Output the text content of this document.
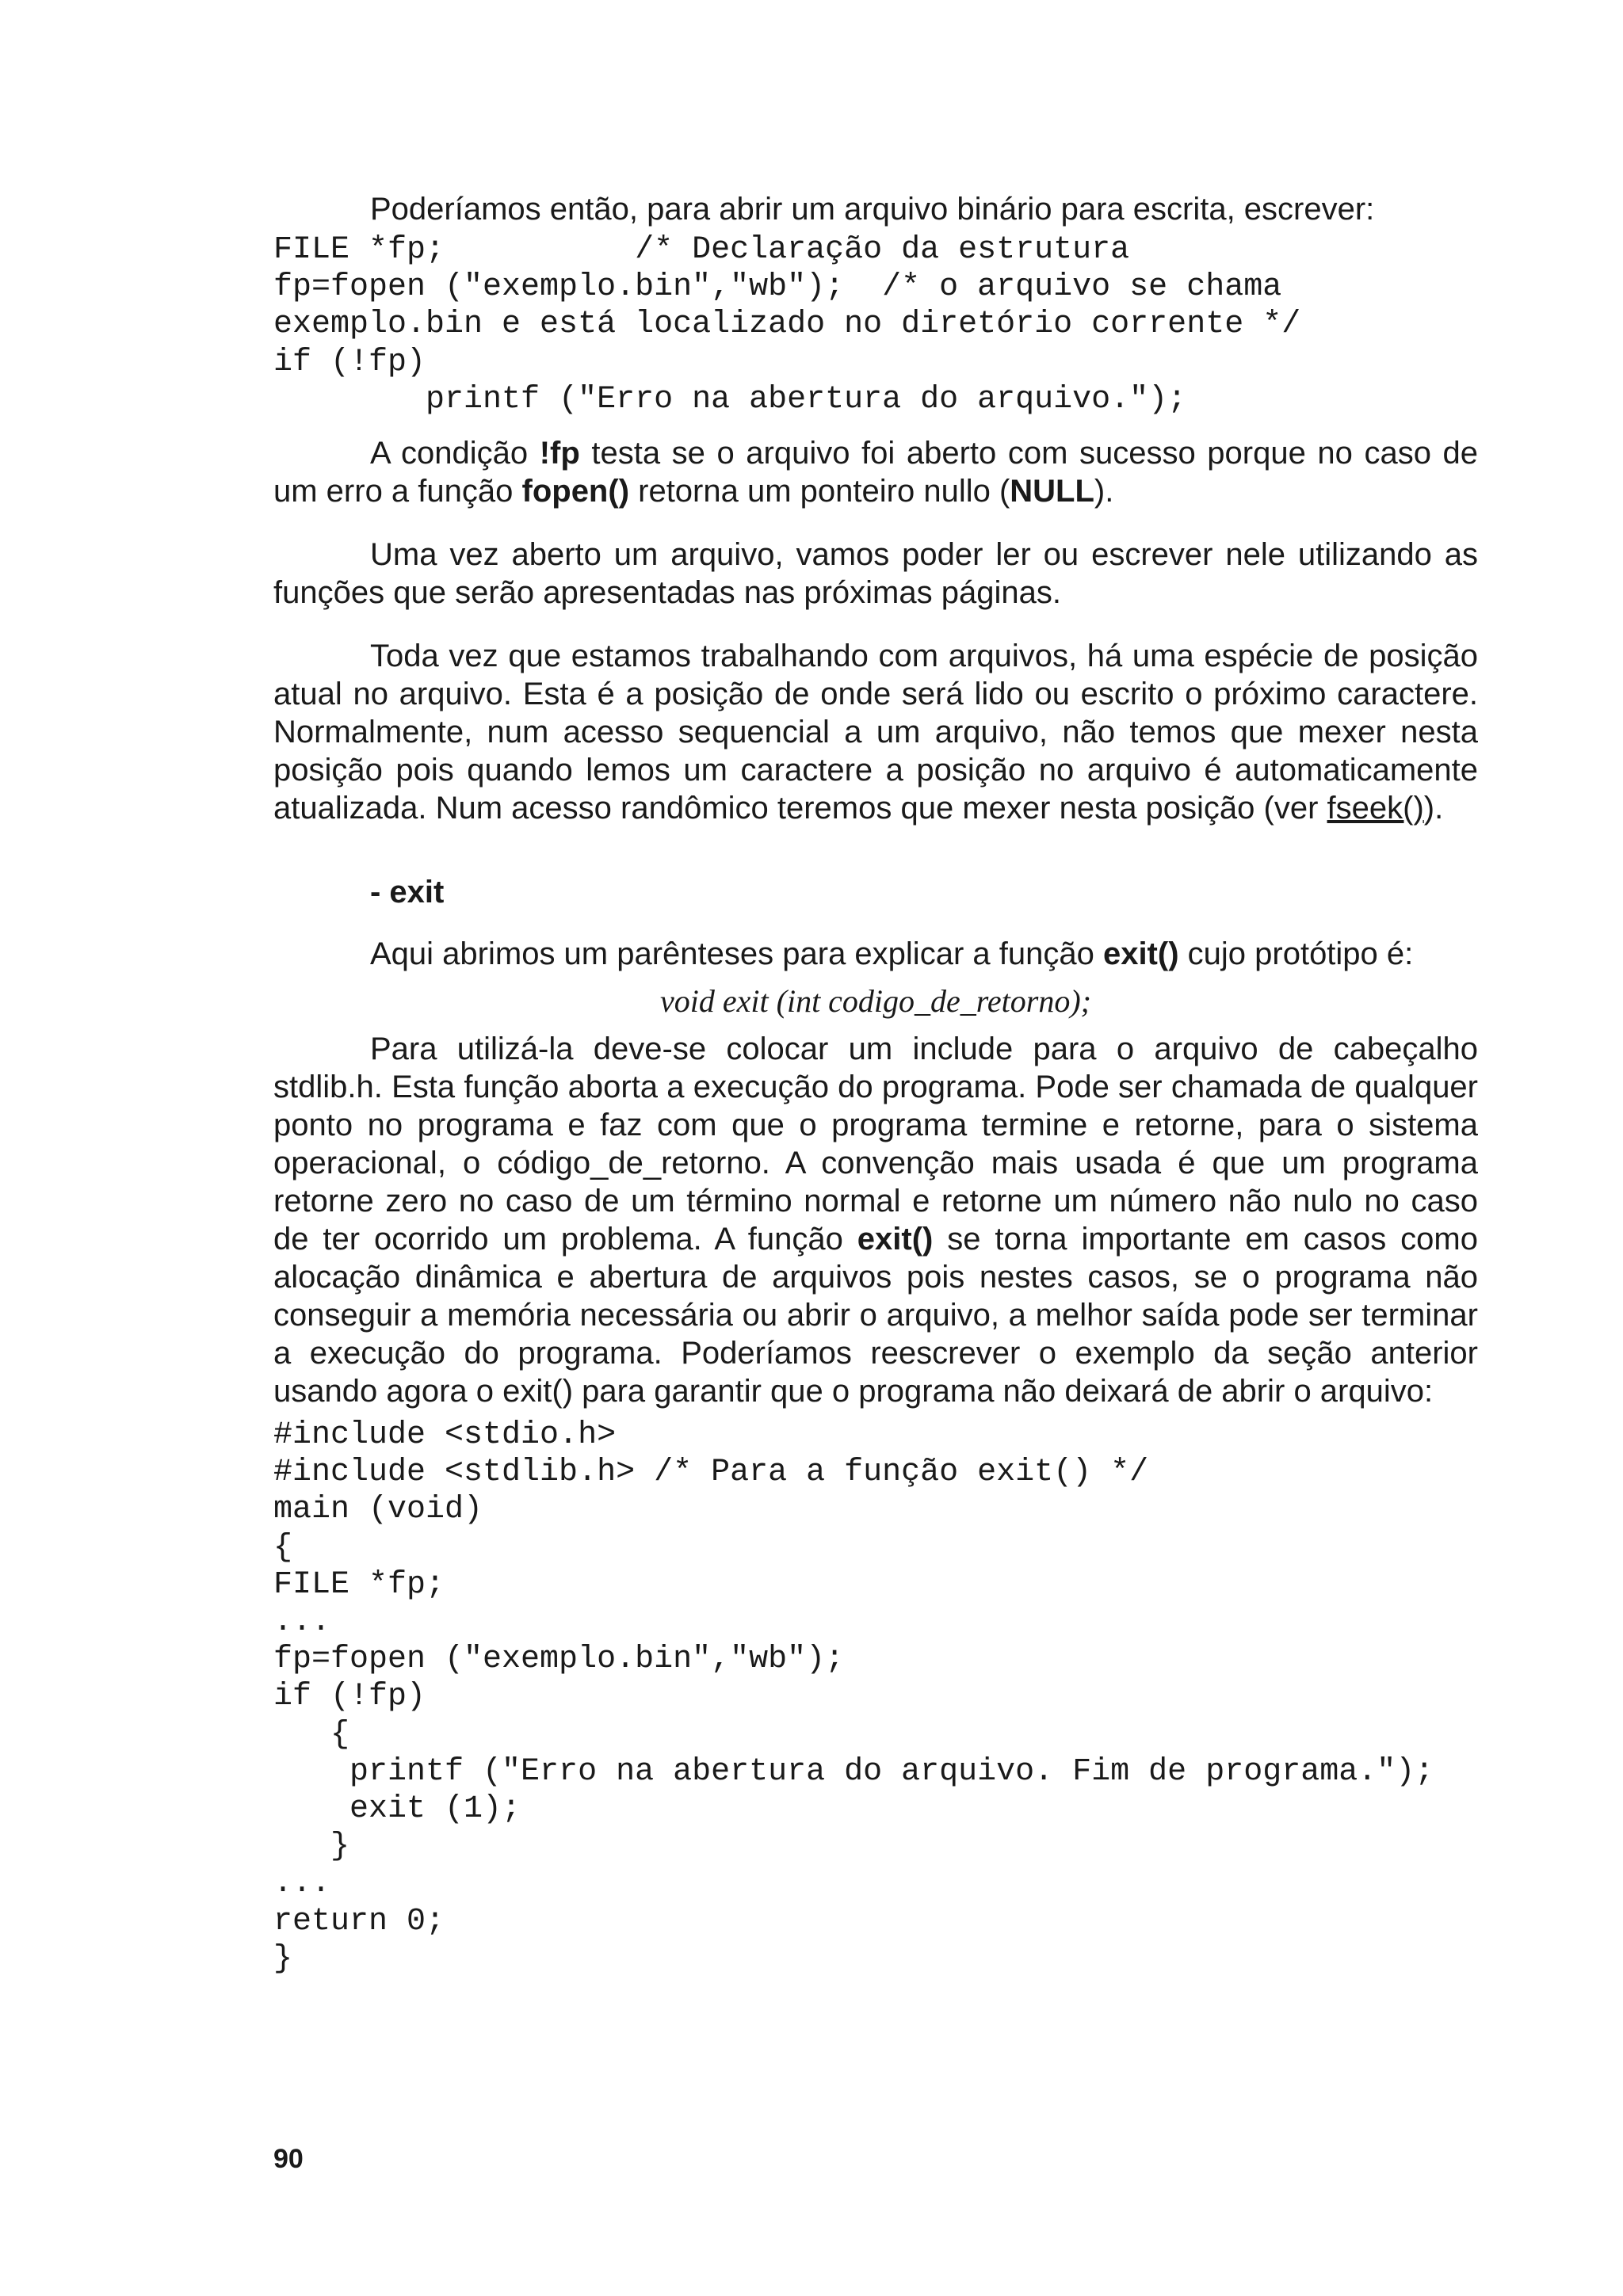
Poderíamos então, para abrir um arquivo binário para escrita, escrever:

FILE *fp;          /* Declaração da estrutura
fp=fopen ("exemplo.bin","wb");  /* o arquivo se chama
exemplo.bin e está localizado no diretório corrente */
if (!fp)
printf ("Erro na abertura do arquivo.");

A condição !fp testa se o arquivo foi aberto com sucesso porque no caso de um erro a função fopen() retorna um ponteiro nullo (NULL).

Uma vez aberto um arquivo, vamos poder ler ou escrever nele utilizando as funções que serão apresentadas nas próximas páginas.

Toda vez que estamos trabalhando com arquivos, há uma espécie de posição atual no arquivo. Esta é a posição de onde será lido ou escrito o próximo caractere. Normalmente, num acesso sequencial a um arquivo, não temos que mexer nesta posição pois quando lemos um caractere a posição no arquivo é automaticamente atualizada. Num acesso randômico teremos que mexer nesta posição (ver fseek()).

- exit

Aqui abrimos um parênteses para explicar a função exit() cujo protótipo é:

void exit (int codigo_de_retorno);

Para utilizá-la deve-se colocar um include para o arquivo de cabeçalho stdlib.h. Esta função aborta a execução do programa. Pode ser chamada de qualquer ponto no programa e faz com que o programa termine e retorne, para o sistema operacional, o código_de_retorno. A convenção mais usada é que um programa retorne zero no caso de um término normal e retorne um número não nulo no caso de ter ocorrido um problema. A função exit() se torna importante em casos como alocação dinâmica e abertura de arquivos pois nestes casos, se o programa não conseguir a memória necessária ou abrir o arquivo, a melhor saída pode ser terminar a execução do programa. Poderíamos reescrever o exemplo da seção anterior usando agora o exit() para garantir que o programa não deixará de abrir o arquivo:

#include <stdio.h>
#include <stdlib.h> /* Para a função exit() */
main (void)
{
FILE *fp;
...
fp=fopen ("exemplo.bin","wb");
if (!fp)
{
printf ("Erro na abertura do arquivo. Fim de programa.");
exit (1);
}
...
return 0;
}
90
